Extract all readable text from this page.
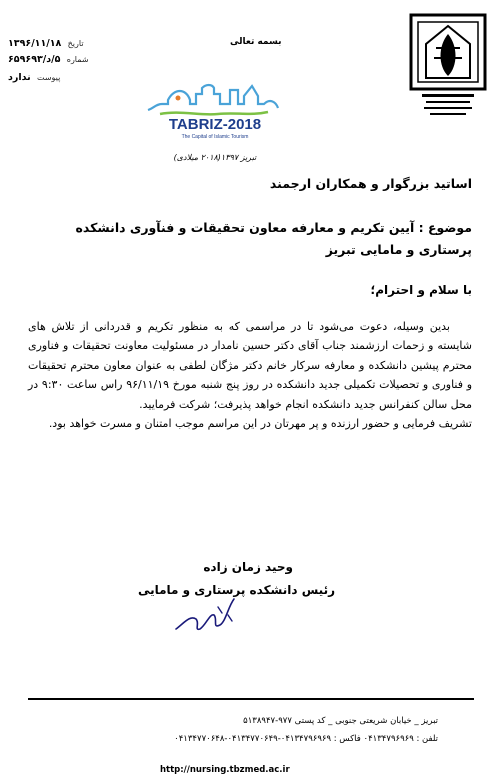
تاریخ ۱۳۹۶/۱۱/۱۸
شماره ۵/د/۶۵۹۶۹۳
پیوست ندارد
بسمه تعالی
TABRIZ-2018
The Capital of Islamic Tourism
تبریز ۱۳۹۷(۲۰۱۸ میلادی)
اساتید بزرگوار و همکاران ارجمند
موضوع : آیین تکریم و معارفه معاون تحقیقات و فنآوری دانشکده پرستاری و مامایی تبریز
با سلام و احترام؛

بدین وسیله، دعوت می‌شود تا در مراسمی که به منظور تکریم و قدردانی از تلاش های شایسته و زحمات ارزشمند جناب آقای دکتر حسین نامدار در مسئولیت معاونت تحقیقات و فناوری محترم پیشین دانشکده و معارفه سرکار خانم دکتر مژگان لطفی به عنوان معاون محترم تحقیقات و فناوری و تحصیلات تکمیلی جدید دانشکده در روز پنج شنبه مورخ ۹۶/۱۱/۱۹ راس ساعت ۹:۳۰ در محل سالن کنفرانس جدید دانشکده انجام خواهد پذیرفت؛ شرکت فرمایید.

تشریف فرمایی و حضور ارزنده و پر مهرتان در این مراسم موجب امتنان و مسرت خواهد بود.

وحید زمان زاده
رئیس دانشکده پرستاری و مامایی
تبریز _ خیابان شریعتی جنوبی _ کد پستی ۹۷۷-۵۱۳۸۹۴۷
تلفن : ۰۴۱۳۴۷۹۶۹۶۹ فاکس : ۰۴۱۳۴۷۹۶۹۶۹-۰۴۱۳۴۷۷۰۶۴۹-۰۴۱۳۴۷۷۰۶۴۸
http://nursing.tbzmed.ac.ir
